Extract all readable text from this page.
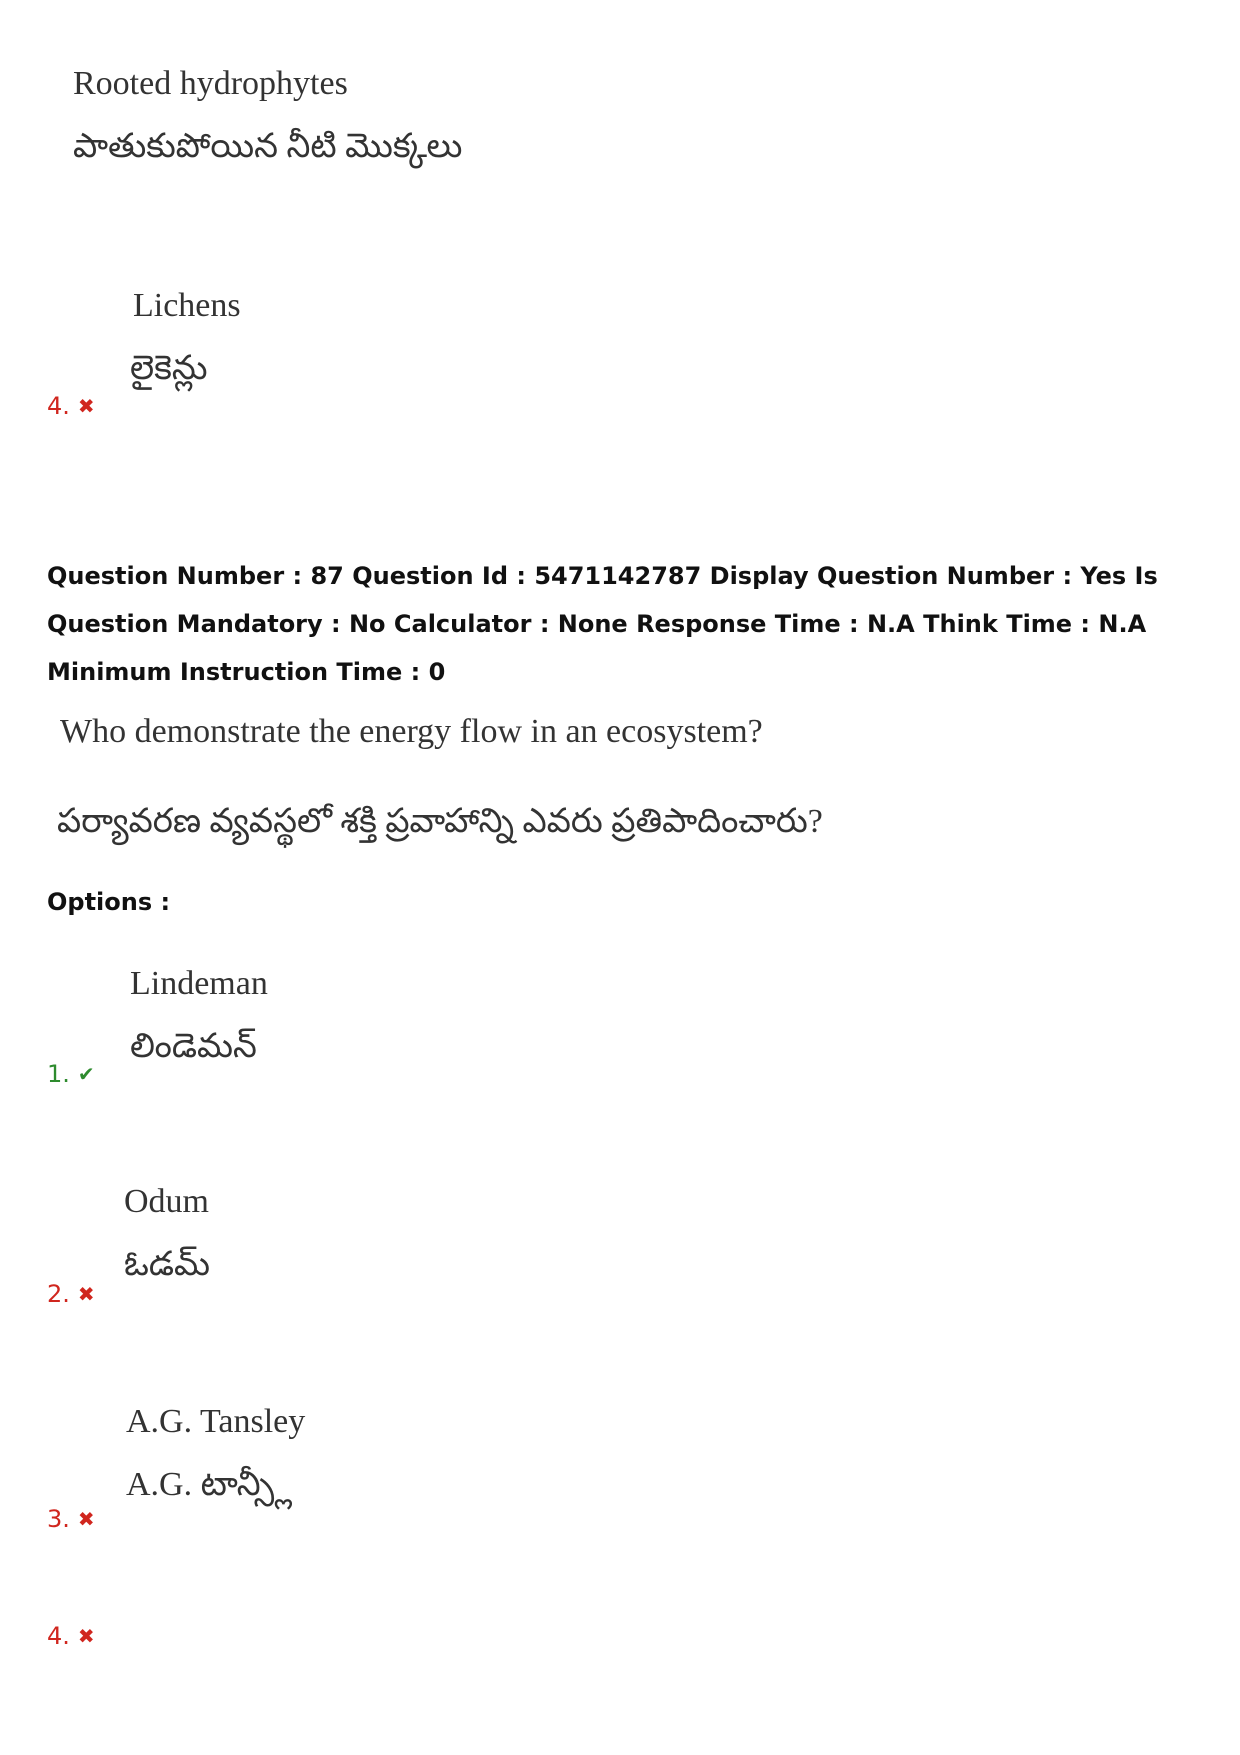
Rooted hydrophytes
పాతుకుపోయిన నీటి మొక్కలు
Lichens
లైకెన్లు
4. ✖
Question Number : 87 Question Id : 5471142787 Display Question Number : Yes Is Question Mandatory : No Calculator : None Response Time : N.A Think Time : N.A Minimum Instruction Time : 0
Who demonstrate the energy flow in an ecosystem?
పర్యావరణ వ్యవస్థలో శక్తి ప్రవాహాన్ని ఎవరు ప్రతిపాదించారు?
Options :
Lindeman
లిండెమన్
1. ✔
Odum
ఓడమ్
2. ✖
A.G. Tansley
A.G. టాన్స్లీ
3. ✖
4. ✖
